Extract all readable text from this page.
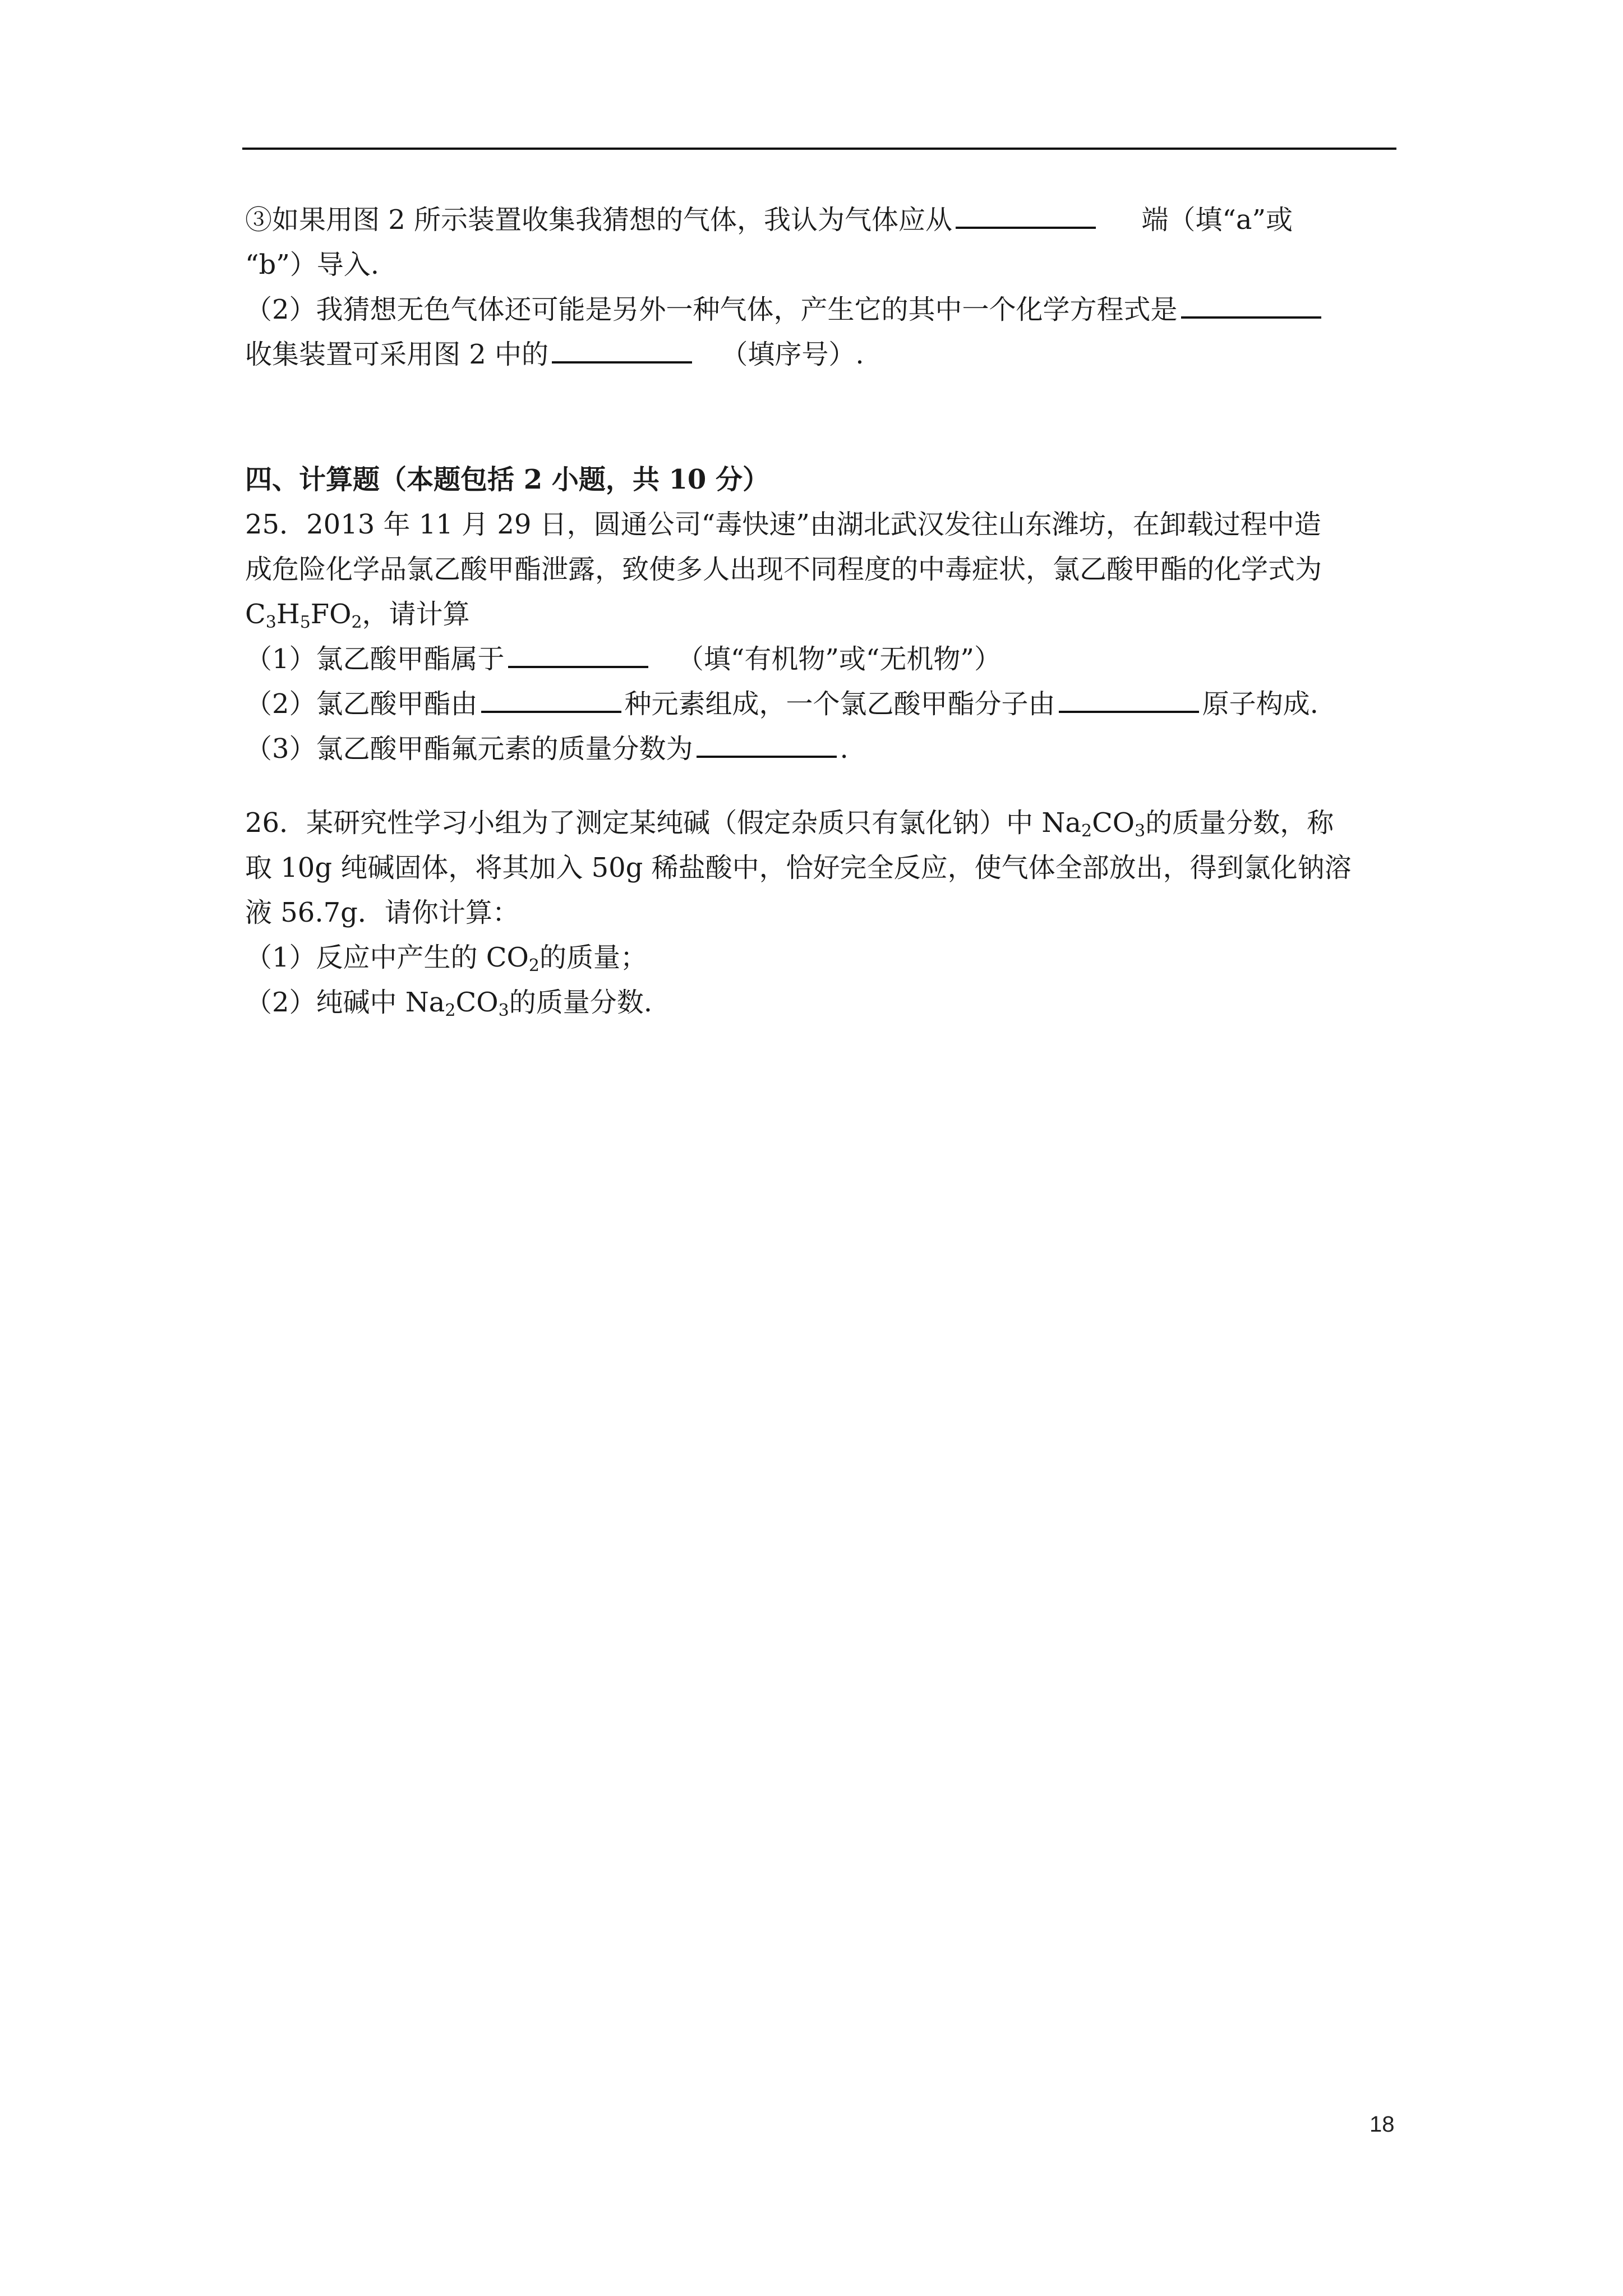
③如果用图 2 所示装置收集我猜想的气体，我认为气体应从	端（填“a”或
“b”）导入.
（2）我猜想无色气体还可能是另外一种气体，产生它的其中一个化学方程式是
收集装置可采用图 2 中的	（填序号）.
四、计算题（本题包括 2 小题，共 10 分）
25．2013 年 11 月 29 日，圆通公司“毒快速”由湖北武汉发往山东潍坊，在卸载过程中造
成危险化学品氯乙酸甲酯泄露，致使多人出现不同程度的中毒症状，氯乙酸甲酯的化学式为
$C_3H_5FO_2$，请计算
（1）氯乙酸甲酯属于	（填“有机物”或“无机物”）
（2）氯乙酸甲酯由	种元素组成，一个氯乙酸甲酯分子由	原子构成.
（3）氯乙酸甲酯氟元素的质量分数为	.
26．某研究性学习小组为了测定某纯碱（假定杂质只有氯化钠）中 $Na_2CO_3$的质量分数，称
取 10g 纯碱固体，将其加入 50g 稀盐酸中，恰好完全反应，使气体全部放出，得到氯化钠溶
液 56.7g．请你计算：
（1）反应中产生的 $CO_2$的质量；
（2）纯碱中 $Na_2CO_3$的质量分数.
18
